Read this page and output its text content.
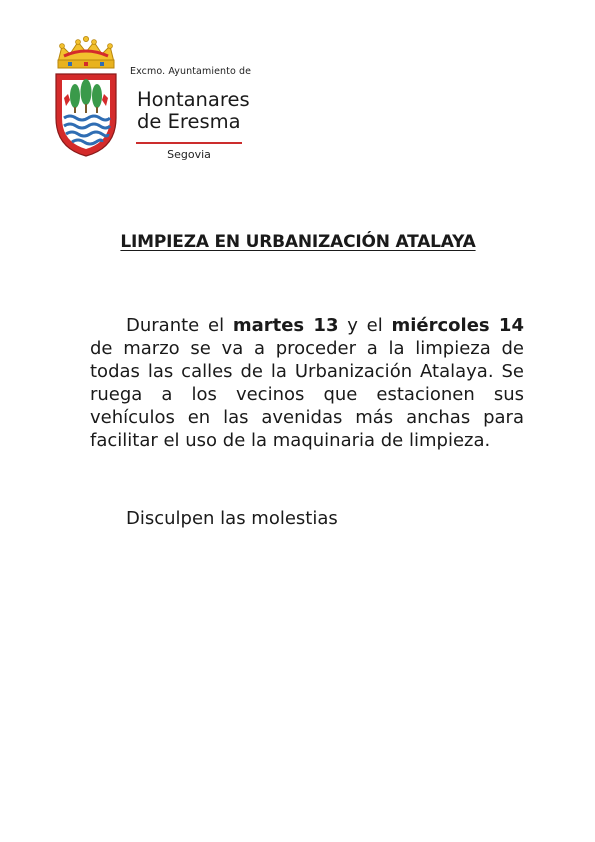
Excmo. Ayuntamiento de
Hontanares
de Eresma
Segovia
LIMPIEZA EN URBANIZACIÓN ATALAYA

Durante el martes 13 y el miércoles 14 de marzo se va a proceder a la limpieza de todas las calles de la Urbanización Atalaya. Se ruega a los vecinos que estacionen sus vehículos en las avenidas más anchas para facilitar el uso de la maquinaria de limpieza.

Disculpen las molestias
